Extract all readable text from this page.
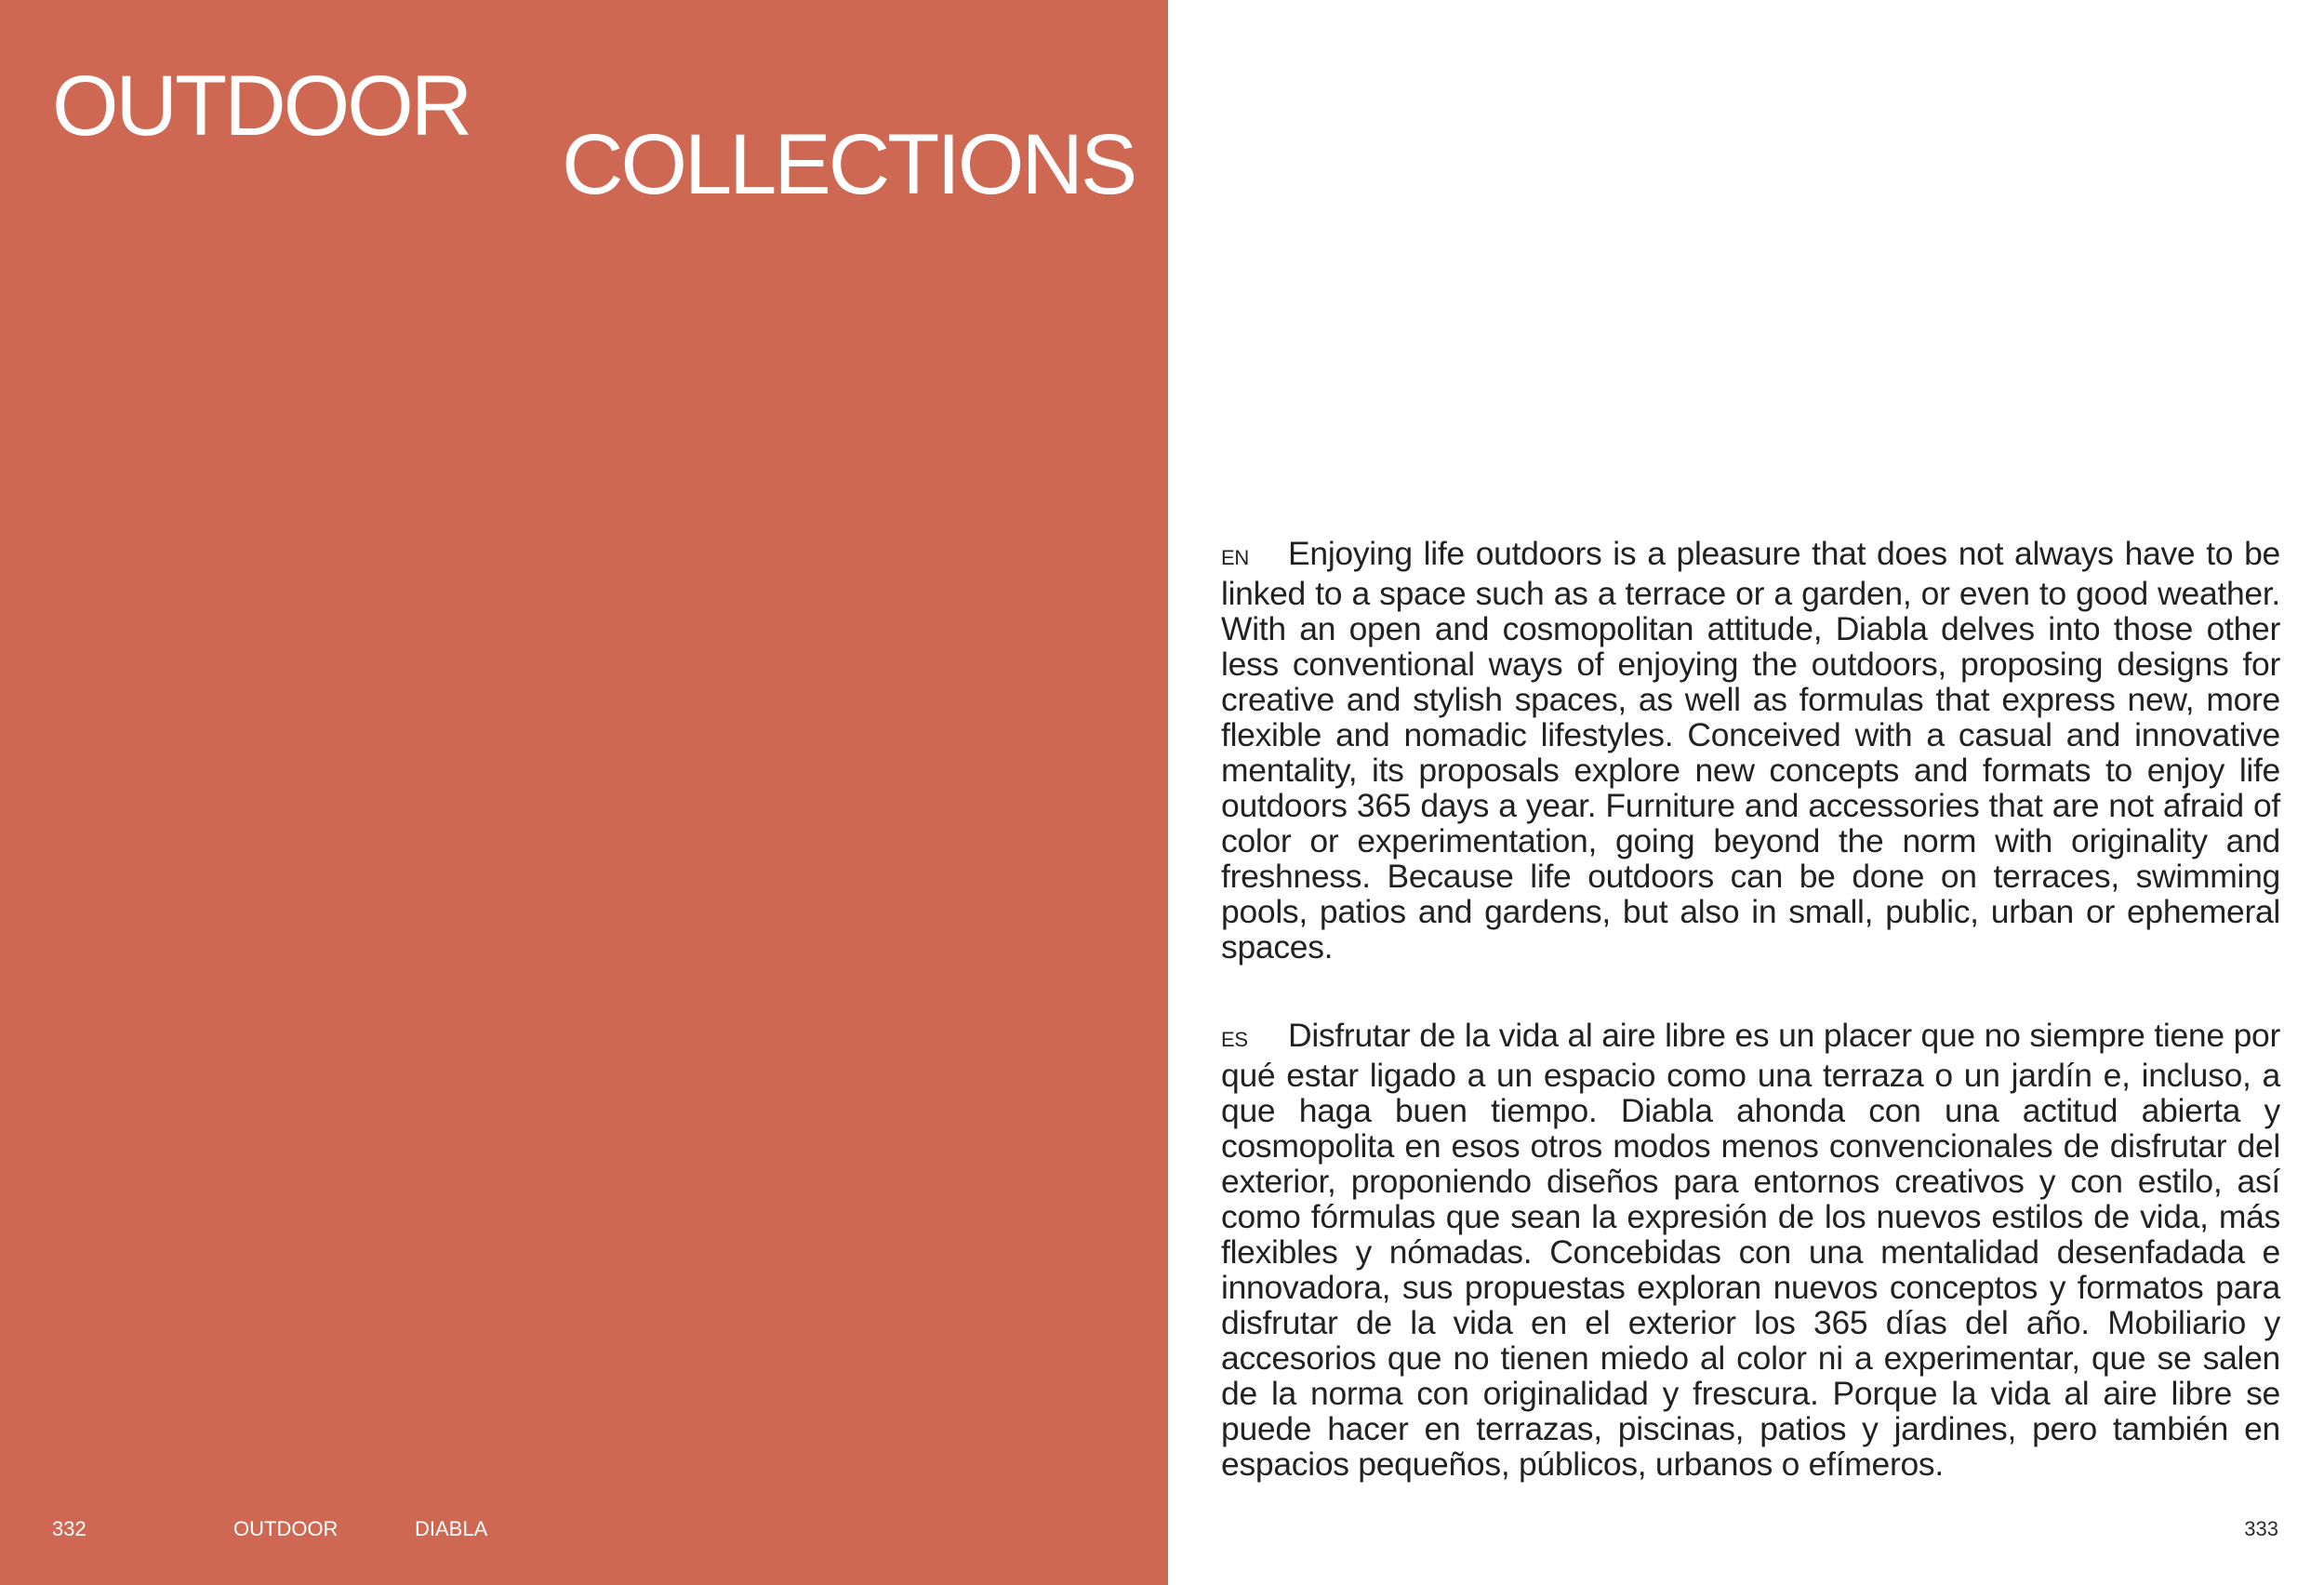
OUTDOOR
COLLECTIONS
332	OUTDOOR	DIABLA

EN Enjoying life outdoors is a pleasure that does not always have to be linked to a space such as a terrace or a garden, or even to good weather. With an open and cosmopolitan attitude, Diabla delves into those other less conventional ways of enjoying the outdoors, proposing designs for creative and stylish spaces, as well as formulas that express new, more flexible and nomadic lifestyles. Conceived with a casual and innovative mentality, its proposals explore new concepts and formats to enjoy life outdoors 365 days a year. Furniture and accessories that are not afraid of color or experimentation, going beyond the norm with originality and freshness. Because life outdoors can be done on terraces, swimming pools, patios and gardens, but also in small, public, urban or ephemeral spaces.

ES Disfrutar de la vida al aire libre es un placer que no siempre tiene por qué estar ligado a un espacio como una terraza o un jardín e, incluso, a que haga buen tiempo. Diabla ahonda con una actitud abierta y cosmopolita en esos otros modos menos convencionales de disfrutar del exterior, proponiendo diseños para entornos creativos y con estilo, así como fórmulas que sean la expresión de los nuevos estilos de vida, más flexibles y nómadas. Concebidas con una mentalidad desenfadada e innovadora, sus propuestas exploran nuevos conceptos y formatos para disfrutar de la vida en el exterior los 365 días del año. Mobiliario y accesorios que no tienen miedo al color ni a experimentar, que se salen de la norma con originalidad y frescura. Porque la vida al aire libre se puede hacer en terrazas, piscinas, patios y jardines, pero también en espacios pequeños, públicos, urbanos o efímeros.

333
